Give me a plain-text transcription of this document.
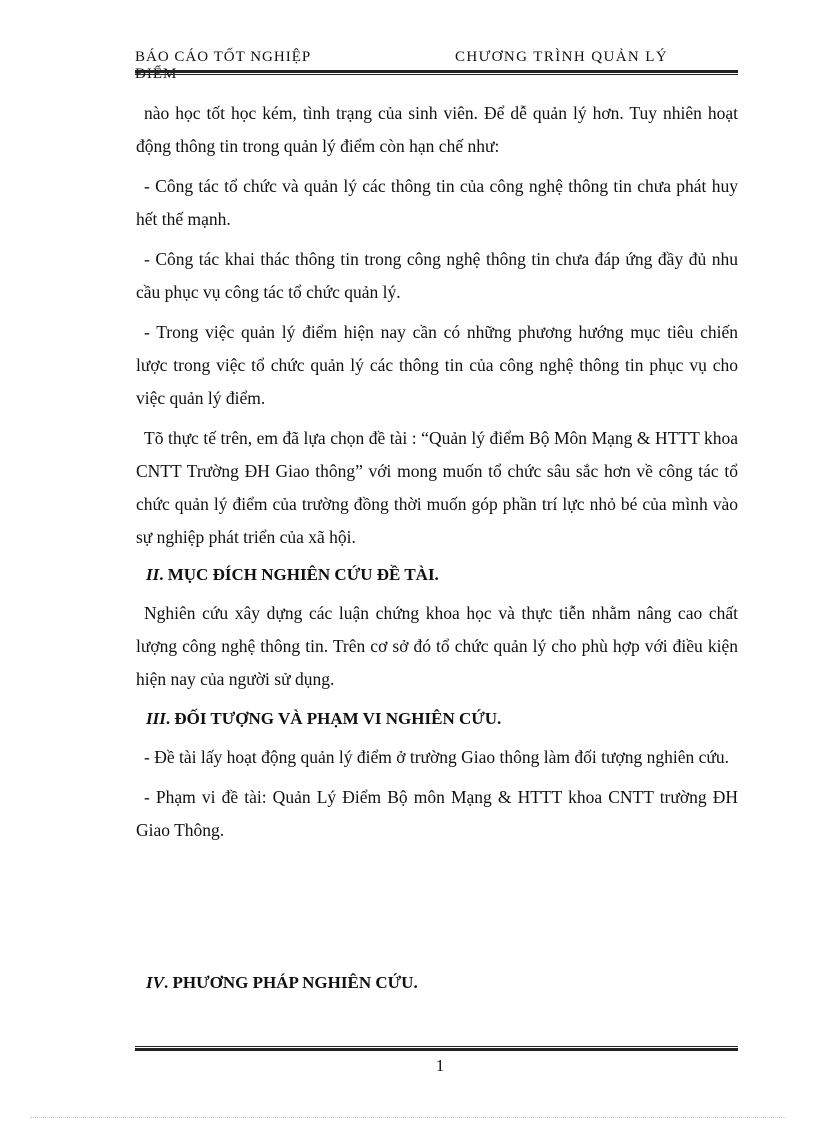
BÁO CÁO TỐT NGHIỆP ĐIỂM
CHƯƠNG TRÌNH QUẢN LÝ

nào học tốt học kém, tình trạng của sinh viên. Để dễ quản lý hơn. Tuy nhiên hoạt động thông tin trong quản lý điểm còn hạn chế như:

- Công tác tổ chức và quản lý các thông tin của công nghệ thông tin chưa phát huy hết thế mạnh.

- Công tác khai thác thông tin trong công nghệ thông tin chưa đáp ứng đầy đủ nhu cầu phục vụ công tác tổ chức quản lý.

- Trong việc quản lý điểm hiện nay cần có những phương hướng mục tiêu chiến lược trong việc tổ chức quản lý các thông tin của công nghệ thông tin phục vụ cho việc quản lý điểm.

Tõ thực tế trên, em đã lựa chọn đề tài : “Quản lý điểm Bộ Môn Mạng & HTTT khoa CNTT Trường ĐH Giao thông” với mong muốn tổ chức sâu sắc hơn về công tác tổ chức quản lý điểm của trường đồng thời muốn góp phần trí lực nhỏ bé của mình vào sự nghiệp phát triển của xã hội.

II. MỤC ĐÍCH NGHIÊN CỨU ĐỀ TÀI.

Nghiên cứu xây dựng các luận chứng khoa học và thực tiễn nhằm nâng cao chất lượng công nghệ thông tin. Trên cơ sở đó tổ chức quản lý cho phù hợp với điều kiện hiện nay của người sử dụng.

III. ĐỐI TƯỢNG VÀ PHẠM VI NGHIÊN CỨU.

- Đề tài lấy hoạt động quản lý điểm ở trường Giao thông làm đối tượng nghiên cứu.

- Phạm vi đề tài: Quản Lý Điểm Bộ môn Mạng & HTTT khoa CNTT trường ĐH Giao Thông.

IV. PHƯƠNG PHÁP NGHIÊN CỨU.

1
